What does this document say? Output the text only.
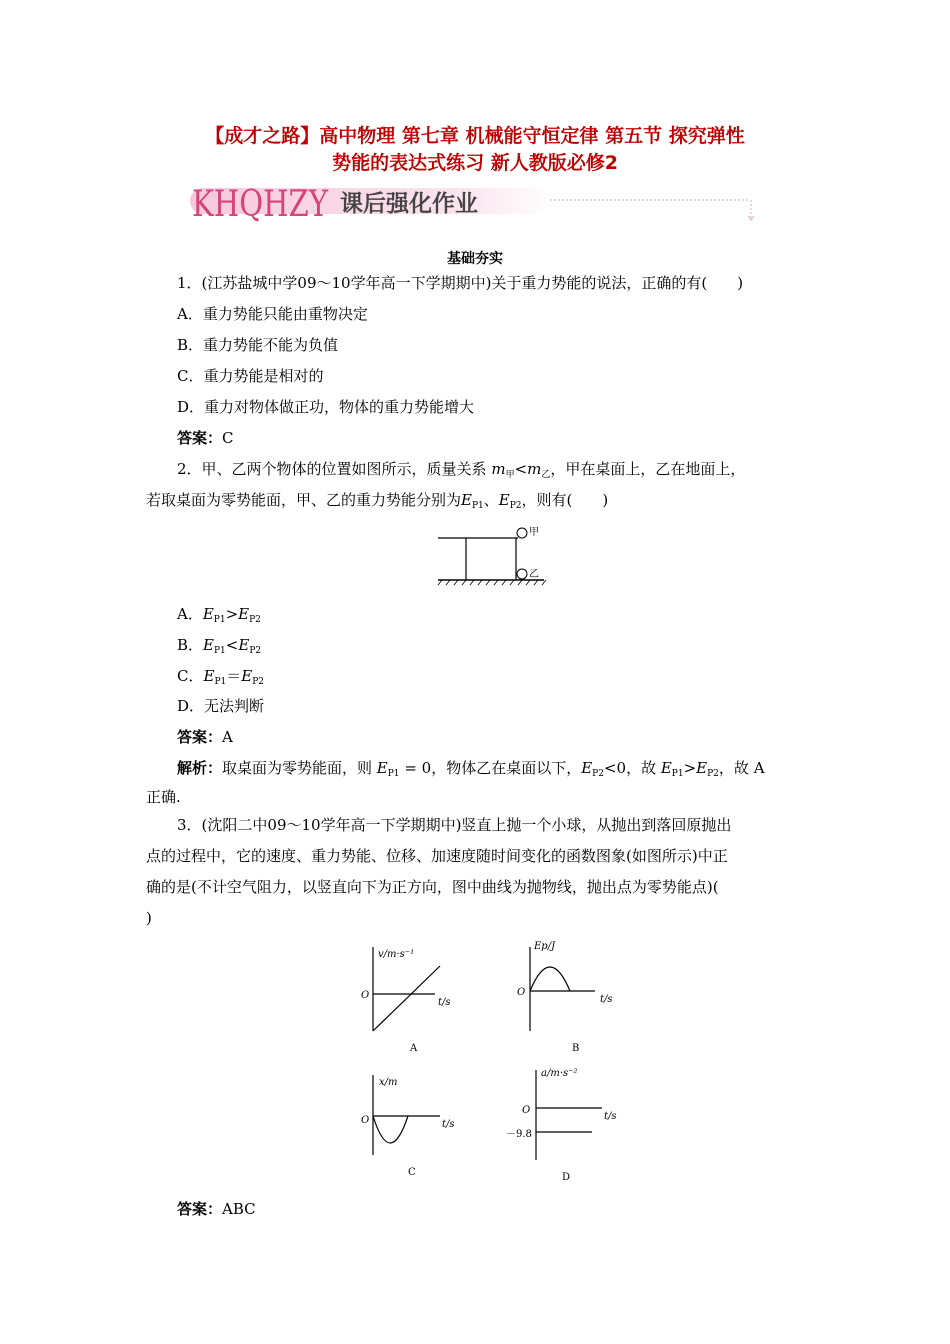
【成才之路】高中物理 第七章 机械能守恒定律 第五节 探究弹性
势能的表达式练习 新人教版必修2
KHQHZY 课后强化作业
基础夯实
1．(江苏盐城中学09～10学年高一下学期期中)关于重力势能的说法，正确的有(　　)
A．重力势能只能由重物决定
B．重力势能不能为负值
C．重力势能是相对的
D．重力对物体做正功，物体的重力势能增大
答案：C
2．甲、乙两个物体的位置如图所示，质量关系 $m_甲<m_乙$，甲在桌面上，乙在地面上，
若取桌面为零势能面，甲、乙的重力势能分别为$E_{P1}$、$E_{P2}$，则有(　　)
甲
乙
A．$E_{P1}>E_{P2}$
B．$E_{P1}<E_{P2}$
C．$E_{P1}=E_{P2}$
D．无法判断
答案：A
解析：取桌面为零势能面，则 $E_{P1} = 0$，物体乙在桌面以下，$E_{P2}<0$，故 $E_{P1}>E_{P2}$，故 A
正确.
3．(沈阳二中09～10学年高一下学期期中)竖直上抛一个小球，从抛出到落回原抛出
点的过程中，它的速度、重力势能、位移、加速度随时间变化的函数图象(如图所示)中正
确的是(不计空气阻力，以竖直向下为正方向，图中曲线为抛物线，抛出点为零势能点)(
)
v/m·s⁻¹
t/s
O
A
Ep/J
t/s
O
B
x/m
t/s
O
C
a/m·s⁻²
t/s
O
－9.8
D
答案：ABC
